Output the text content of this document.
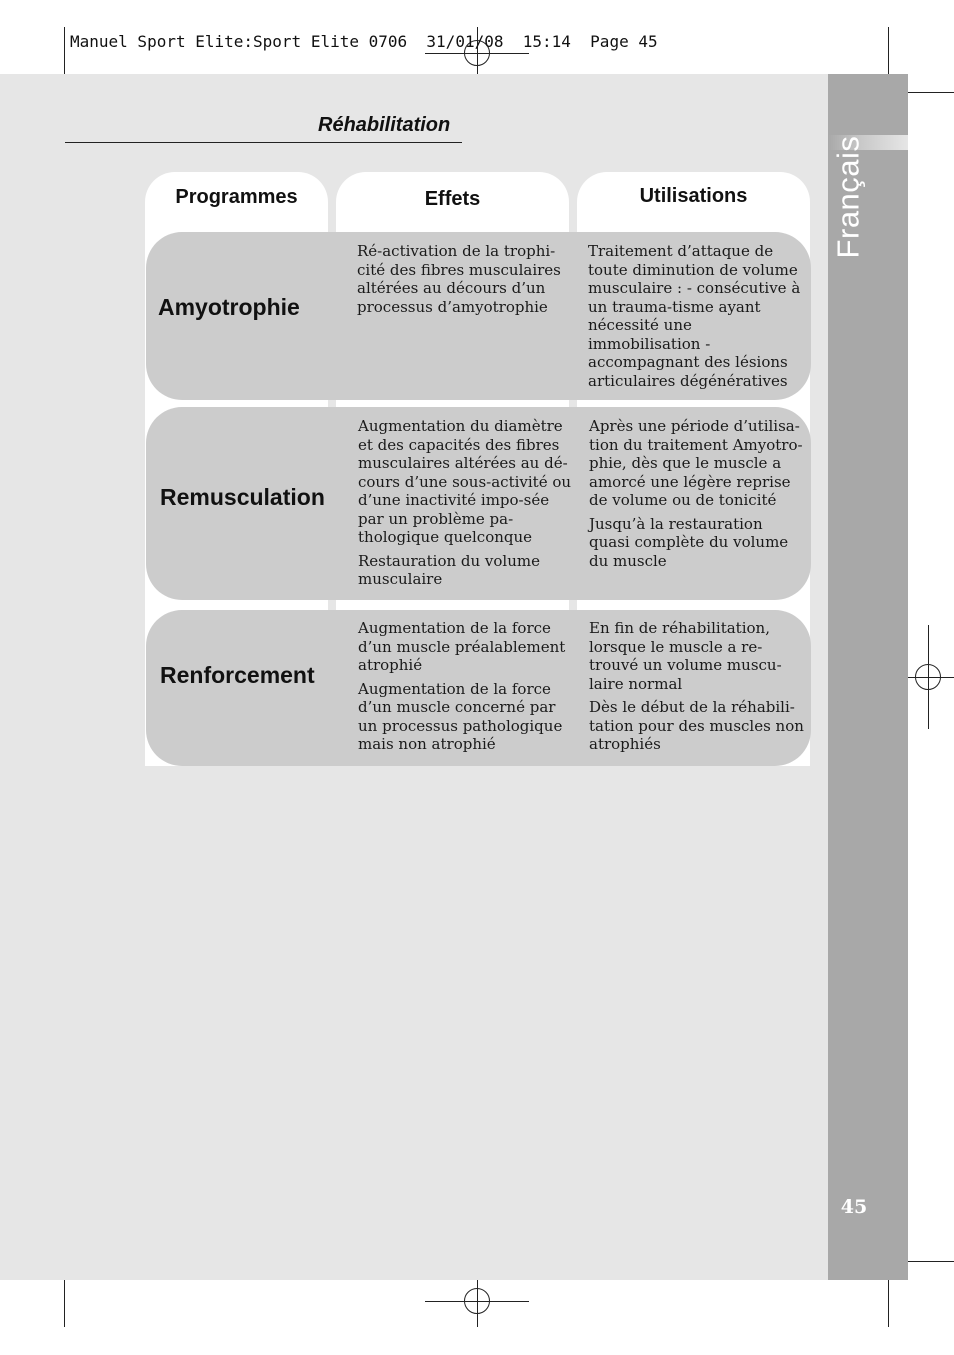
Manuel Sport Elite:Sport Elite 0706  31/01/08  15:14  Page 45
Français
45
Réhabilitation
Programmes	Effets	Utilisations
Amyotrophie

Ré-activation de la trophi-cité des fibres musculaires altérées au décours d’un processus d’amyotrophie

Traitement d’attaque de toute diminution de volume musculaire : - consécutive à un trauma-tisme ayant nécessité une immobilisation - accompagnant des lésions articulaires dégénératives

Remusculation

Augmentation du diamètre et des capacités des fibres musculaires altérées au dé-cours d’une sous-activité ou d’une inactivité impo-sée par un problème pa-thologique quelconque

Restauration du volume musculaire

Après une période d’utilisa-tion du traitement Amyotro-phie, dès que le muscle a amorcé une légère reprise de volume ou de tonicité

Jusqu’à la restauration quasi complète du volume du muscle

Renforcement

Augmentation de la force d’un muscle préalablement atrophié

Augmentation de la force d’un muscle concerné par un processus pathologique mais non atrophié

En fin de réhabilitation, lorsque le muscle a re-trouvé un volume muscu-laire normal

Dès le début de la réhabili-tation pour des muscles non atrophiés
